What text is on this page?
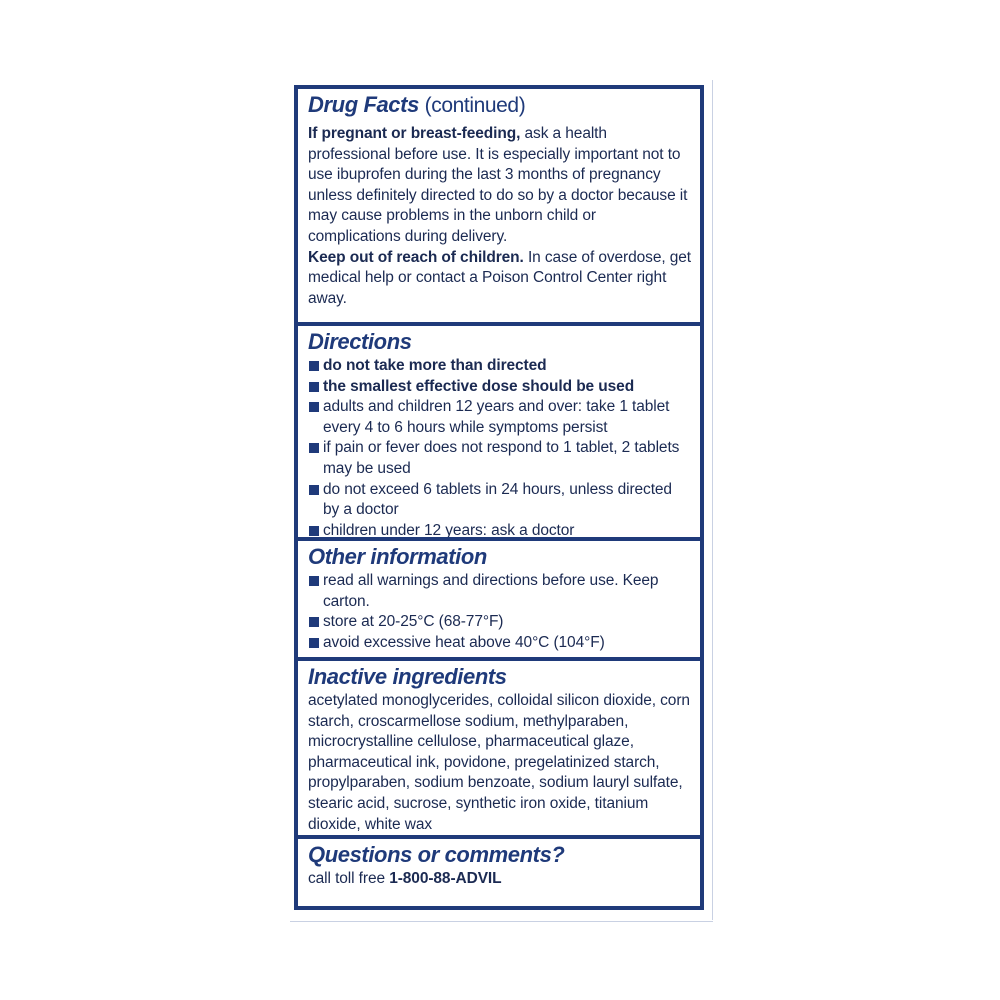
Drug Facts (continued)
If pregnant or breast-feeding, ask a health professional before use. It is especially important not to use ibuprofen during the last 3 months of pregnancy unless definitely directed to do so by a doctor because it may cause problems in the unborn child or complications during delivery.
Keep out of reach of children. In case of overdose, get medical help or contact a Poison Control Center right away.
Directions
do not take more than directed
the smallest effective dose should be used
adults and children 12 years and over: take 1 tablet every 4 to 6 hours while symptoms persist
if pain or fever does not respond to 1 tablet, 2 tablets may be used
do not exceed 6 tablets in 24 hours, unless directed by a doctor
children under 12 years: ask a doctor
Other information
read all warnings and directions before use. Keep carton.
store at 20-25°C (68-77°F)
avoid excessive heat above 40°C (104°F)
Inactive ingredients
acetylated monoglycerides, colloidal silicon dioxide, corn starch, croscarmellose sodium, methylparaben, microcrystalline cellulose, pharmaceutical glaze, pharmaceutical ink, povidone, pregelatinized starch, propylparaben, sodium benzoate, sodium lauryl sulfate, stearic acid, sucrose, synthetic iron oxide, titanium dioxide, white wax
Questions or comments?
call toll free 1-800-88-ADVIL
